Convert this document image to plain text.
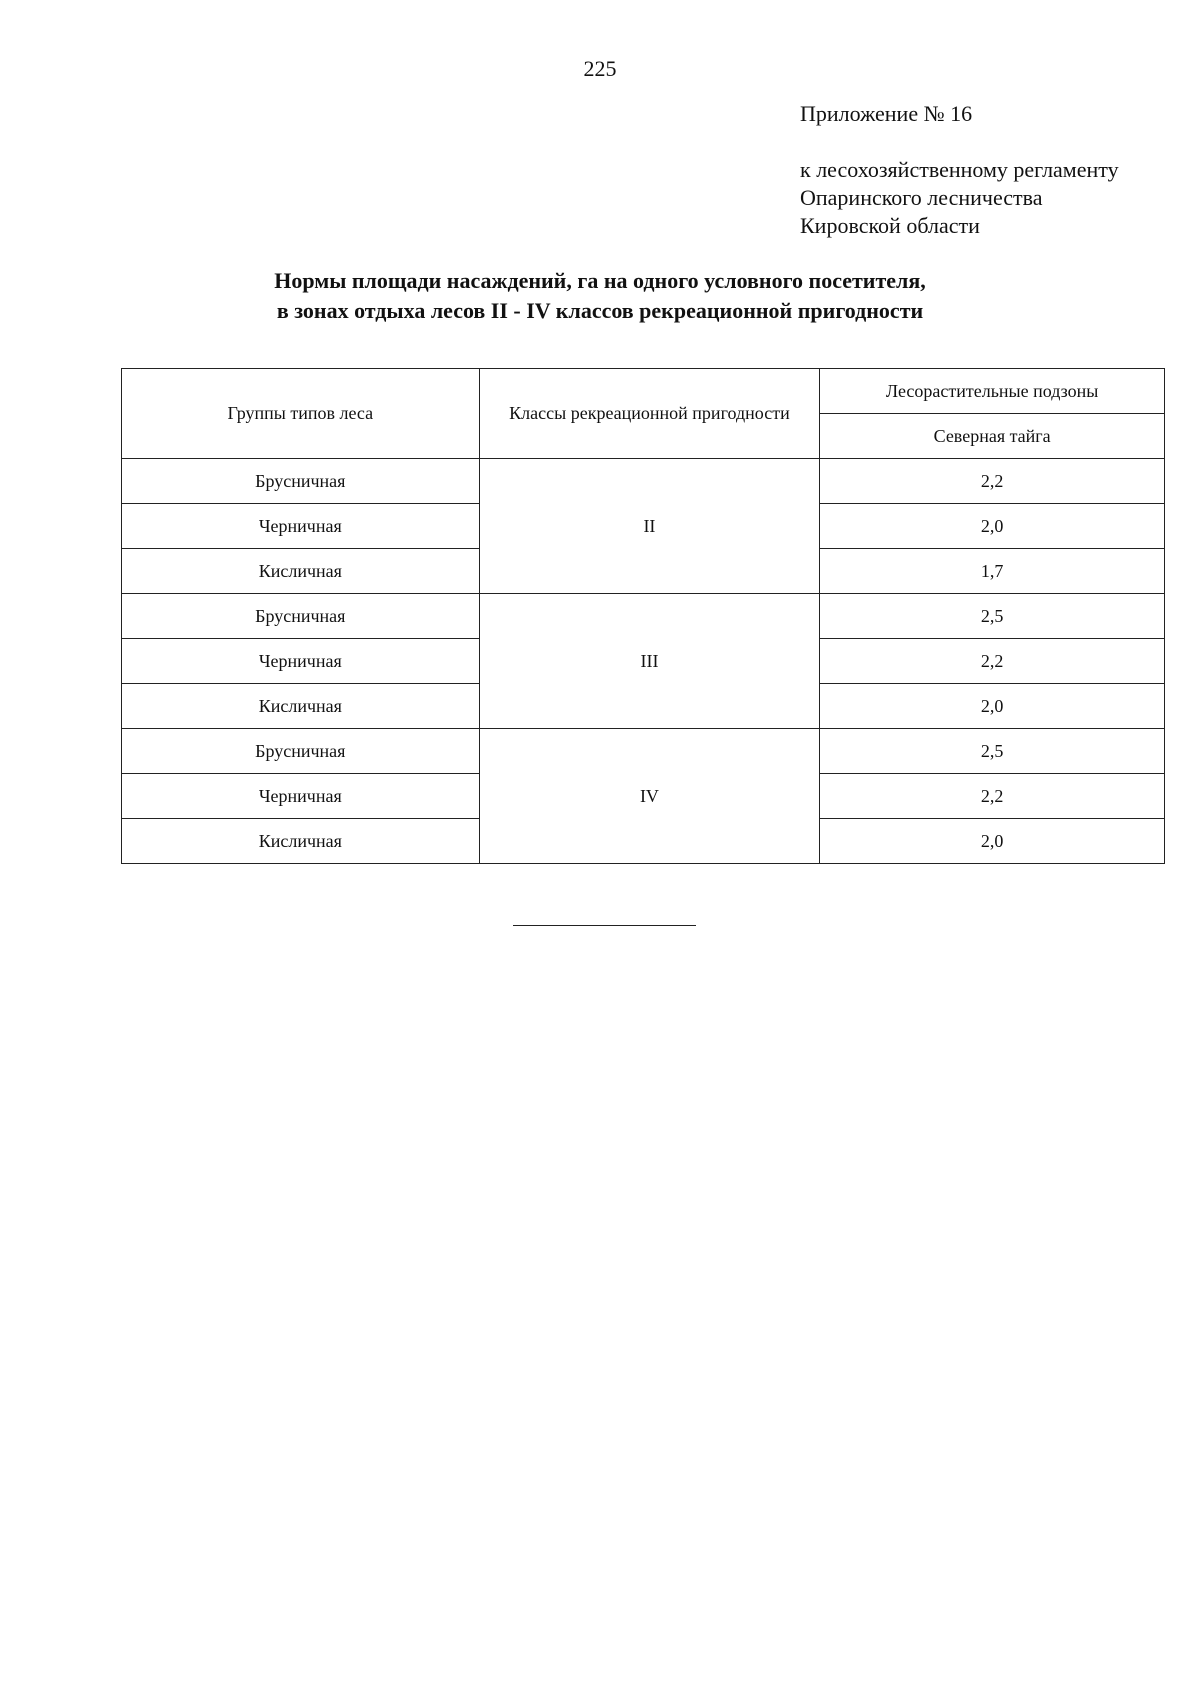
225
Приложение № 16
к лесохозяйственному регламенту
Опаринского лесничества
Кировской области
Нормы площади насаждений, га на одного условного посетителя,
в зонах отдыха лесов II - IV классов рекреационной пригодности
Группы типов леса	Классы рекреационной пригодности	Лесорастительные подзоны
		Северная тайга
Брусничная	II	2,2
Черничная		2,0
Кисличная		1,7
Брусничная	III	2,5
Черничная		2,2
Кисличная		2,0
Брусничная	IV	2,5
Черничная		2,2
Кисличная		2,0
